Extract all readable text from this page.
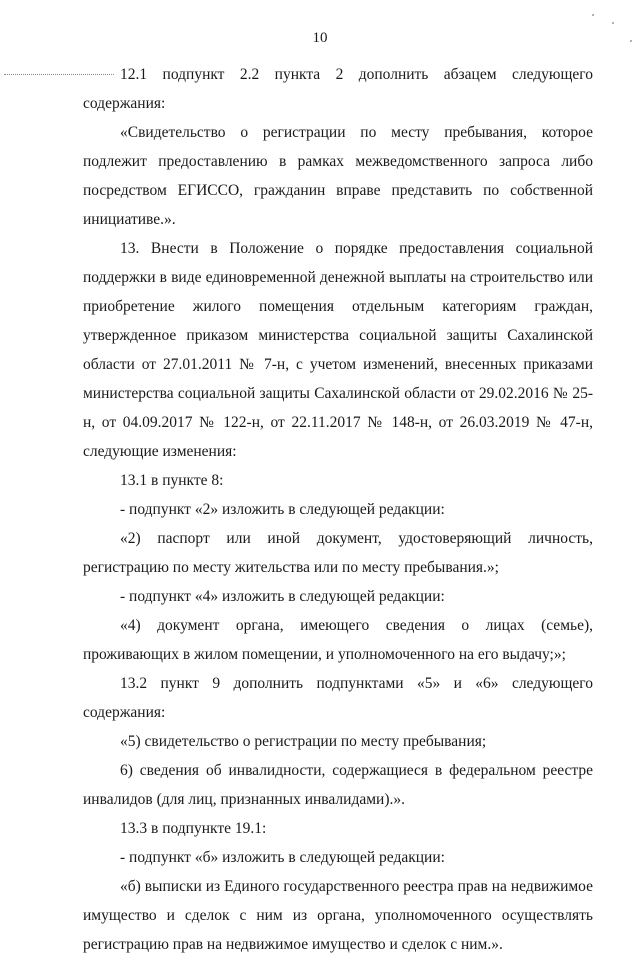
10

12.1 подпункт 2.2 пункта 2 дополнить абзацем следующего содержания:

«Свидетельство о регистрации по месту пребывания, которое подлежит предоставлению в рамках межведомственного запроса либо посредством ЕГИССО, гражданин вправе представить по собственной инициативе.».

13. Внести в Положение о порядке предоставления социальной поддержки в виде единовременной денежной выплаты на строительство или приобретение жилого помещения отдельным категориям граждан, утвержденное приказом министерства социальной защиты Сахалинской области от 27.01.2011 № 7-н, с учетом изменений, внесенных приказами министерства социальной защиты Сахалинской области от 29.02.2016 № 25-н, от 04.09.2017 № 122-н, от 22.11.2017 № 148-н, от 26.03.2019 № 47-н, следующие изменения:

13.1 в пункте 8:

- подпункт «2» изложить в следующей редакции:

«2) паспорт или иной документ, удостоверяющий личность, регистрацию по месту жительства или по месту пребывания.»;

- подпункт «4» изложить в следующей редакции:

«4) документ органа, имеющего сведения о лицах (семье), проживающих в жилом помещении, и уполномоченного на его выдачу;»;

13.2 пункт 9 дополнить подпунктами «5» и «6» следующего содержания:

«5) свидетельство о регистрации по месту пребывания;

6) сведения об инвалидности, содержащиеся в федеральном реестре инвалидов (для лиц, признанных инвалидами).».

13.3 в подпункте 19.1:

- подпункт «б» изложить в следующей редакции:

«б) выписки из Единого государственного реестра прав на недвижимое имущество и сделок с ним из органа, уполномоченного осуществлять регистрацию прав на недвижимое имущество и сделок с ним.».
